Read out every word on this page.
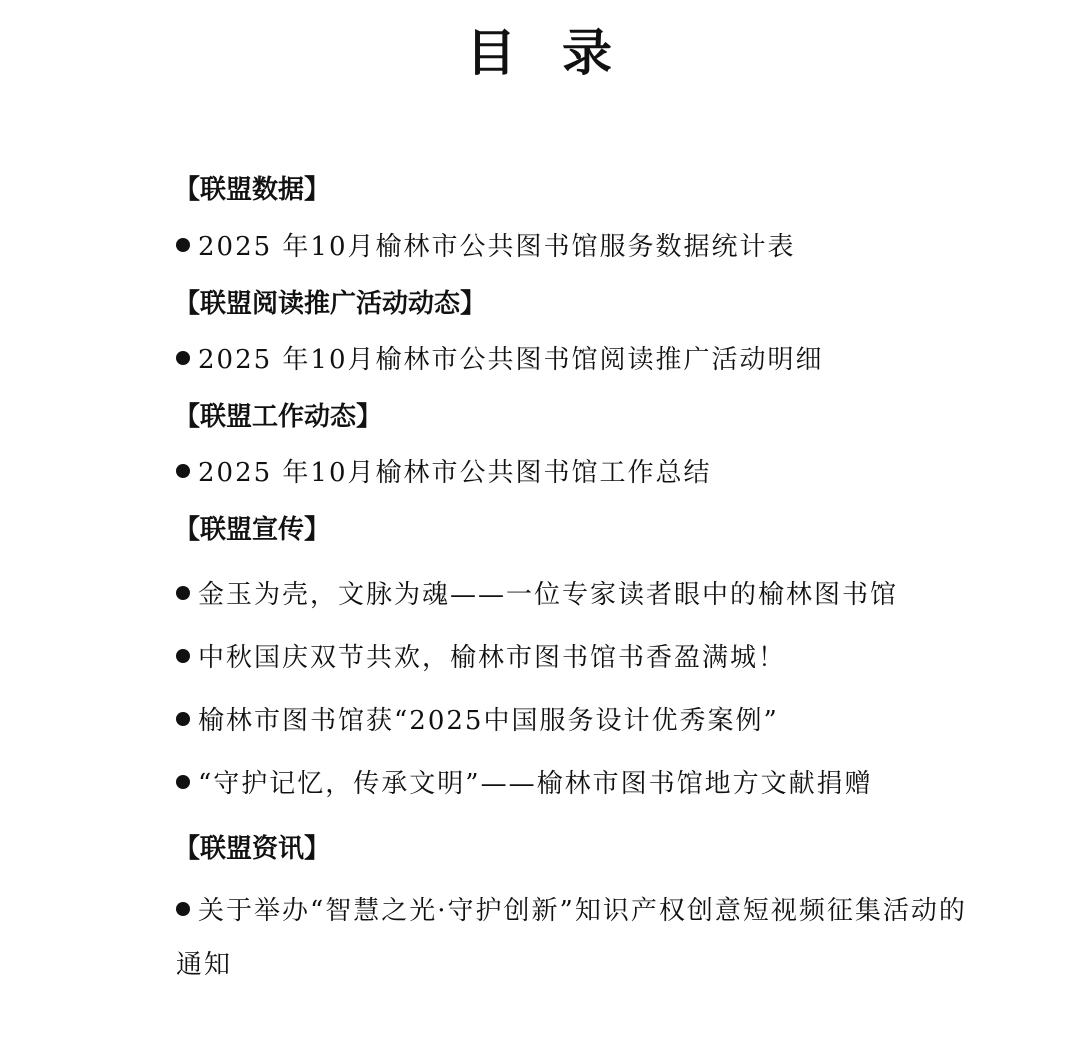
目 录
【联盟数据】
2025 年10月榆林市公共图书馆服务数据统计表
【联盟阅读推广活动动态】
2025 年10月榆林市公共图书馆阅读推广活动明细
【联盟工作动态】
2025 年10月榆林市公共图书馆工作总结
【联盟宣传】
金玉为壳，文脉为魂——一位专家读者眼中的榆林图书馆
中秋国庆双节共欢，榆林市图书馆书香盈满城！
榆林市图书馆获“2025中国服务设计优秀案例”
“守护记忆，传承文明”——榆林市图书馆地方文献捐赠
【联盟资讯】
关于举办“智慧之光·守护创新”知识产权创意短视频征集活动的通知
